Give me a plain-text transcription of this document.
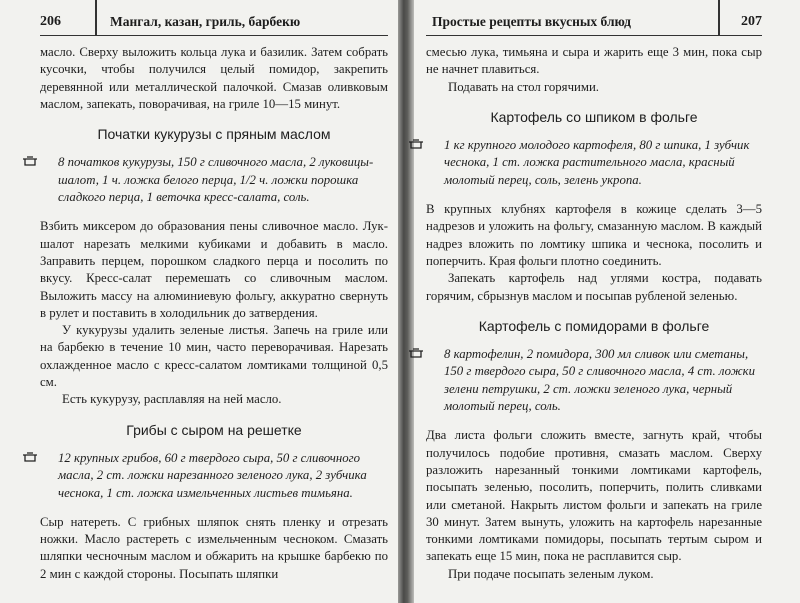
206	Мангал, казан, гриль, барбекю

масло. Сверху выложить кольца лука и базилик. Затем собрать кусочки, чтобы получился целый помидор, закрепить деревянной или металлической палочкой. Смазав оливковым маслом, запекать, поворачивая, на гриле 10—15 минут.

Початки кукурузы с пряным маслом

8 початков кукурузы, 150 г сливочного масла, 2 луковицы-шалот, 1 ч. ложка белого перца, 1/2 ч. ложки порошка сладкого перца, 1 веточка кресс-салата, соль.

Взбить миксером до образования пены сливочное масло. Лук-шалот нарезать мелкими кубиками и добавить в масло. Заправить перцем, порошком сладкого перца и посолить по вкусу. Кресс-салат перемешать со сливочным маслом. Выложить массу на алюминиевую фольгу, аккуратно свернуть в рулет и поставить в холодильник до затвердения.

У кукурузы удалить зеленые листья. Запечь на гриле или на барбекю в течение 10 мин, часто переворачивая. Нарезать охлажденное масло с кресс-салатом ломтиками толщиной 0,5 см.

Есть кукурузу, расплавляя на ней масло.

Грибы с сыром на решетке

12 крупных грибов, 60 г твердого сыра, 50 г сливочного масла, 2 ст. ложки нарезанного зеленого лука, 2 зубчика чеснока, 1 ст. ложка измельченных листьев тимьяна.

Сыр натереть. С грибных шляпок снять пленку и отрезать ножки. Масло растереть с измельченным чесноком. Смазать шляпки чесночным маслом и обжарить на крышке барбекю по 2 мин с каждой стороны. Посыпать шляпки

Простые рецепты вкусных блюд	207

смесью лука, тимьяна и сыра и жарить еще 3 мин, пока сыр не начнет плавиться.

Подавать на стол горячими.

Картофель со шпиком в фольге

1 кг крупного молодого картофеля, 80 г шпика, 1 зубчик чеснока, 1 ст. ложка растительного масла, красный молотый перец, соль, зелень укропа.

В крупных клубнях картофеля в кожице сделать 3—5 надрезов и уложить на фольгу, смазанную маслом. В каждый надрез вложить по ломтику шпика и чеснока, посолить и поперчить. Края фольги плотно соединить.

Запекать картофель над углями костра, подавать горячим, сбрызнув маслом и посыпав рубленой зеленью.

Картофель с помидорами в фольге

8 картофелин, 2 помидора, 300 мл сливок или сметаны, 150 г твердого сыра, 50 г сливочного масла, 4 ст. ложки зелени петрушки, 2 ст. ложки зеленого лука, черный молотый перец, соль.

Два листа фольги сложить вместе, загнуть край, чтобы получилось подобие противня, смазать маслом. Сверху разложить нарезанный тонкими ломтиками картофель, посыпать зеленью, посолить, поперчить, полить сливками или сметаной. Накрыть листом фольги и запекать на гриле 30 минут. Затем вынуть, уложить на картофель нарезанные тонкими ломтиками помидоры, посыпать тертым сыром и запекать еще 15 мин, пока не расплавится сыр.

При подаче посыпать зеленым луком.
